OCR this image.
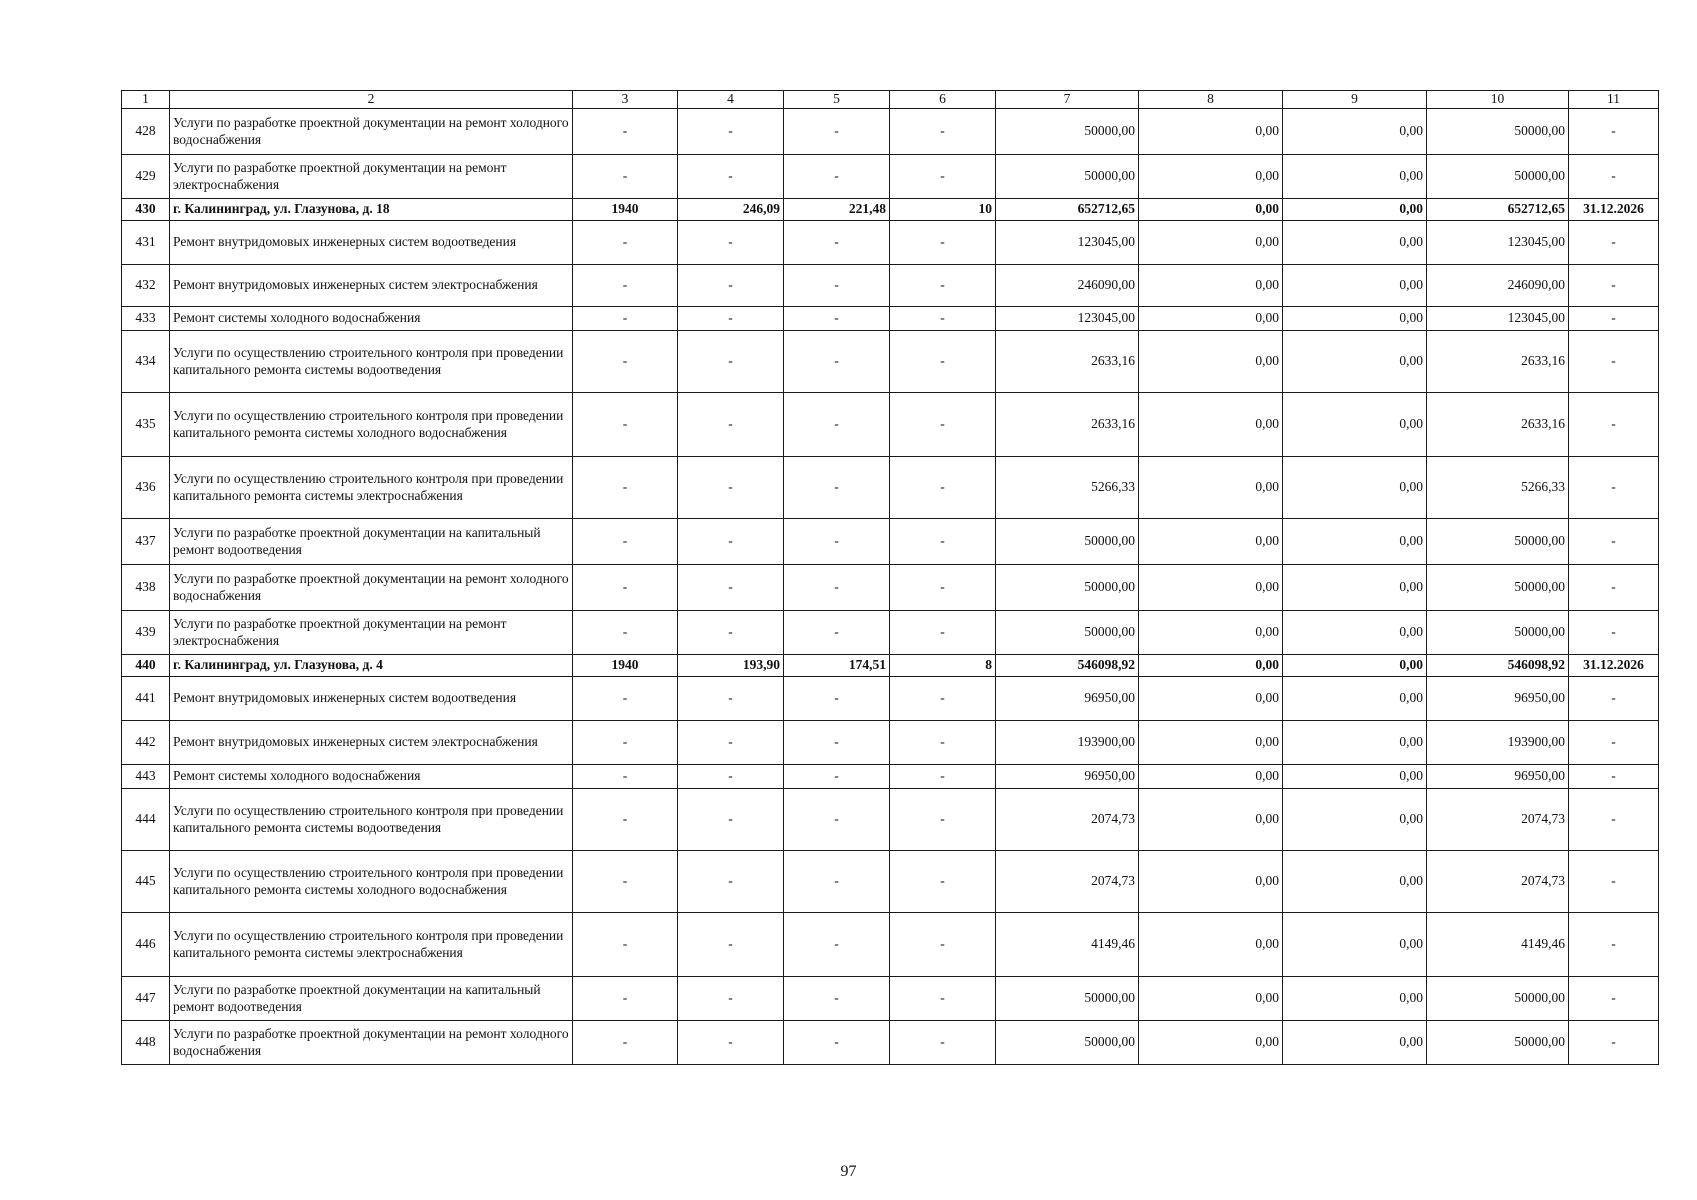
1	2	3	4	5	6	7	8	9	10	11
428	Услуги по разработке проектной документации на ремонт холодного водоснабжения	-	-	-	-	50000,00	0,00	0,00	50000,00	-
429	Услуги по разработке проектной документации на ремонт электроснабжения	-	-	-	-	50000,00	0,00	0,00	50000,00	-
430	г. Калининград, ул. Глазунова, д. 18	1940	246,09	221,48	10	652712,65	0,00	0,00	652712,65	31.12.2026
431	Ремонт внутридомовых инженерных систем водоотведения	-	-	-	-	123045,00	0,00	0,00	123045,00	-
432	Ремонт внутридомовых инженерных систем электроснабжения	-	-	-	-	246090,00	0,00	0,00	246090,00	-
433	Ремонт системы холодного водоснабжения	-	-	-	-	123045,00	0,00	0,00	123045,00	-
434	Услуги по осуществлению строительного контроля при проведении капитального ремонта системы водоотведения	-	-	-	-	2633,16	0,00	0,00	2633,16	-
435	Услуги по осуществлению строительного контроля при проведении капитального ремонта системы холодного водоснабжения	-	-	-	-	2633,16	0,00	0,00	2633,16	-
436	Услуги по осуществлению строительного контроля при проведении капитального ремонта системы электроснабжения	-	-	-	-	5266,33	0,00	0,00	5266,33	-
437	Услуги по разработке проектной документации на капитальный ремонт водоотведения	-	-	-	-	50000,00	0,00	0,00	50000,00	-
438	Услуги по разработке проектной документации на ремонт холодного водоснабжения	-	-	-	-	50000,00	0,00	0,00	50000,00	-
439	Услуги по разработке проектной документации на ремонт электроснабжения	-	-	-	-	50000,00	0,00	0,00	50000,00	-
440	г. Калининград, ул. Глазунова, д. 4	1940	193,90	174,51	8	546098,92	0,00	0,00	546098,92	31.12.2026
441	Ремонт внутридомовых инженерных систем водоотведения	-	-	-	-	96950,00	0,00	0,00	96950,00	-
442	Ремонт внутридомовых инженерных систем электроснабжения	-	-	-	-	193900,00	0,00	0,00	193900,00	-
443	Ремонт системы холодного водоснабжения	-	-	-	-	96950,00	0,00	0,00	96950,00	-
444	Услуги по осуществлению строительного контроля при проведении капитального ремонта системы водоотведения	-	-	-	-	2074,73	0,00	0,00	2074,73	-
445	Услуги по осуществлению строительного контроля при проведении капитального ремонта системы холодного водоснабжения	-	-	-	-	2074,73	0,00	0,00	2074,73	-
446	Услуги по осуществлению строительного контроля при проведении капитального ремонта системы электроснабжения	-	-	-	-	4149,46	0,00	0,00	4149,46	-
447	Услуги по разработке проектной документации на капитальный ремонт водоотведения	-	-	-	-	50000,00	0,00	0,00	50000,00	-
448	Услуги по разработке проектной документации на ремонт холодного водоснабжения	-	-	-	-	50000,00	0,00	0,00	50000,00	-
97
